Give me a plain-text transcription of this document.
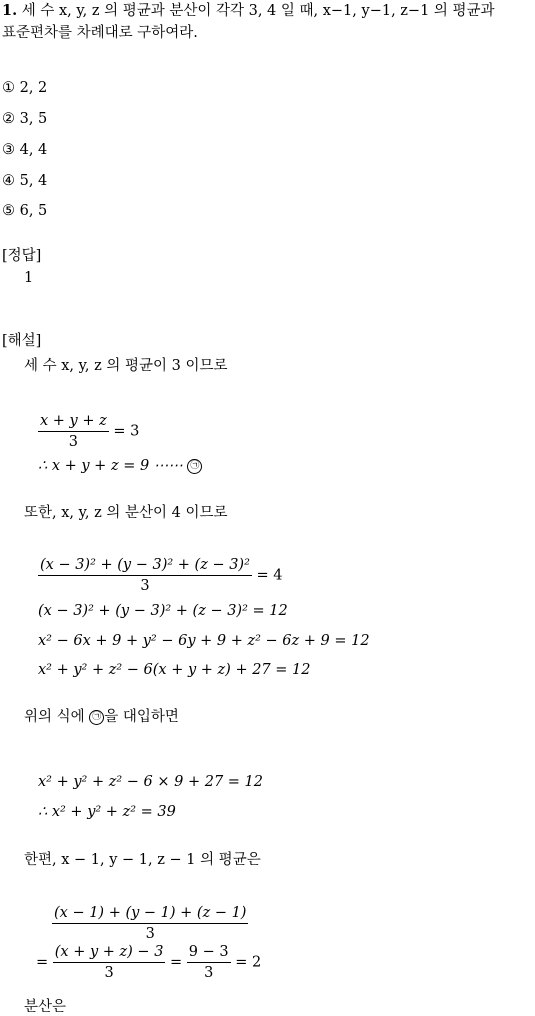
1. 세 수 x, y, z 의 평균과 분산이 각각 3, 4 일 때, x−1, y−1, z−1 의 평균과
표준편차를 차례대로 구하여라.
① 2, 2
② 3, 5
③ 4, 4
④ 5, 4
⑤ 6, 5
[정답]
1
[해설]
세 수 x, y, z 의 평균이 3 이므로
$\frac{x + y + z}{3} = 3$
∴ x + y + z = 9 ⋯⋯ ㉠
또한, x, y, z 의 분산이 4 이므로
$\frac{\text{(x − 3)² + (y − 3)² + (z − 3)²}}{3} = 4$
(x − 3)² + (y − 3)² + (z − 3)² = 12
x² − 6x + 9 + y² − 6y + 9 + z² − 6z + 9 = 12
x² + y² + z² − 6(x + y + z) + 27 = 12
위의 식에 ㉠ 을 대입하면
x² + y² + z² − 6 × 9 + 27 = 12
∴ x² + y² + z² = 39
한편, x − 1, y − 1, z − 1 의 평균은
$\frac{(x - 1) + (y - 1) + (z - 1)}{3}$
= $\frac{(x + y + z) - 3}{3} = \frac{9 - 3}{3} = 2$
분산은
